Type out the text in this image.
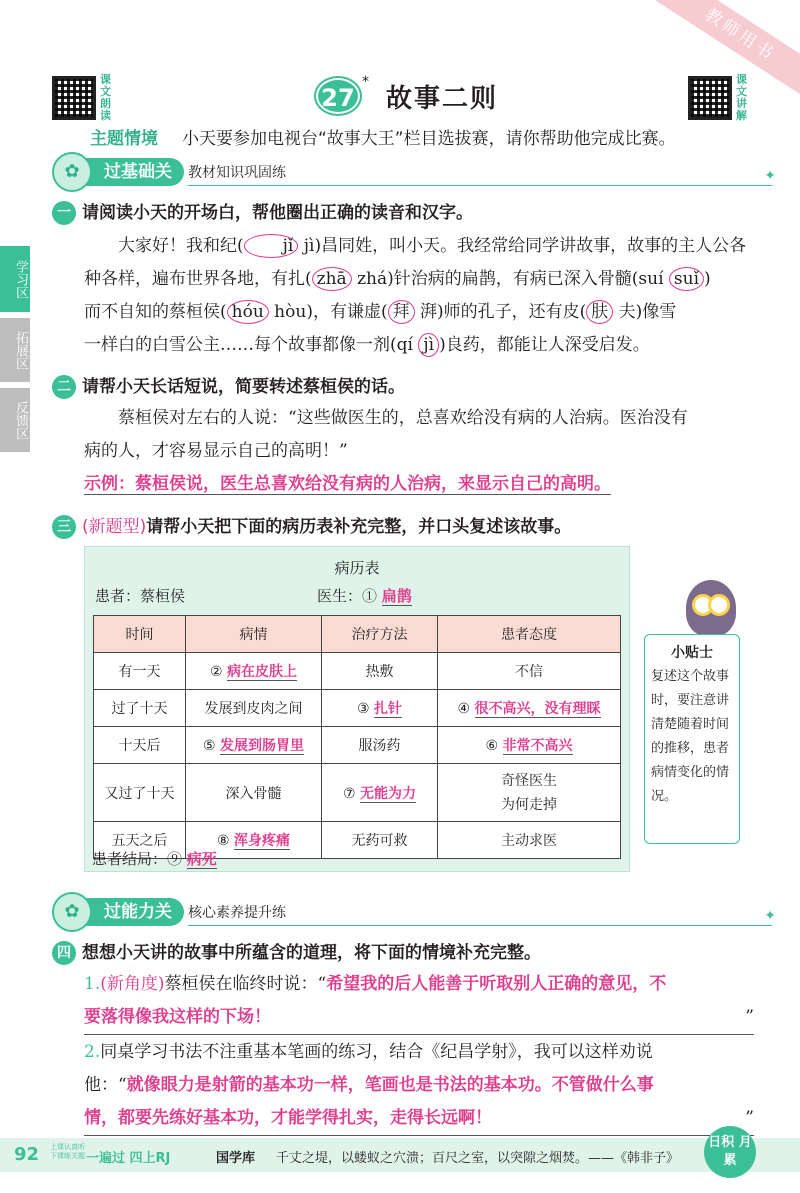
教师用书
课文朗读
27
*
故事二则
课文讲解
主题情境 小天要参加电视台“故事大王”栏目选拔赛，请你帮助他完成比赛。
过基础关
✿	教材知识巩固练	✦
学习区
拓展区
反馈区
一 请阅读小天的开场白，帮他圈出正确的读音和汉字。
大家好！我和纪( jǐ jì)昌同姓，叫小天。我经常给同学讲故事，故事的主人公各
种各样，遍布世界各地，有扎( zhā zhá)针治病的扁鹊，有病已深入骨髓(suí suǐ )
而不自知的蔡桓侯( hóu hòu)，有谦虚( 拜 湃)师的孔子，还有皮( 肤 夫)像雪
一样白的白雪公主……每个故事都像一剂(qí jì )良药，都能让人深受启发。
二 请帮小天长话短说，简要转述蔡桓侯的话。
蔡桓侯对左右的人说：“这些做医生的，总喜欢给没有病的人治病。医治没有
病的人，才容易显示自己的高明！”
示例：蔡桓侯说，医生总喜欢给没有病的人治病，来显示自己的高明。
三 (新题型)请帮小天把下面的病历表补充完整，并口头复述该故事。
病历表
患者：蔡桓侯	医生：① 扁鹊
时间	病情	治疗方法	患者态度
有一天	② 病在皮肤上	热敷	不信
过了十天	发展到皮肉之间	③ 扎针	④ 很不高兴，没有理睬
十天后	⑤ 发展到肠胃里	服汤药	⑥ 非常不高兴
又过了十天	深入骨髓	⑦ 无能为力	奇怪医生
为何走掉

五天之后	⑧ 浑身疼痛	无药可救	主动求医
患者结局：⑨ 病死
小贴士
复述这个故事时，要注意讲清楚随着时间的推移，患者病情变化的情况。
过能力关
✿	核心素养提升练	✦
四 想想小天讲的故事中所蕴含的道理，将下面的情境补充完整。
1.(新角度)蔡桓侯在临终时说：“希望我的后人能善于听取别人正确的意见，不
要落得像我这样的下场！	”
2.同桌学习书法不注重基本笔画的练习，结合《纪昌学射》，我可以这样劝说
他：“就像眼力是射箭的基本功一样，笔画也是书法的基本功。不管做什么事
情，都要先练好基本功，才能学得扎实，走得长远啊！	”
92 上课认真听 下课练关题 一遍过 四上RJ	国学库 千丈之堤，以蝼蚁之穴溃；百尺之室，以突隙之烟焚。——《韩非子》
日积 月累
